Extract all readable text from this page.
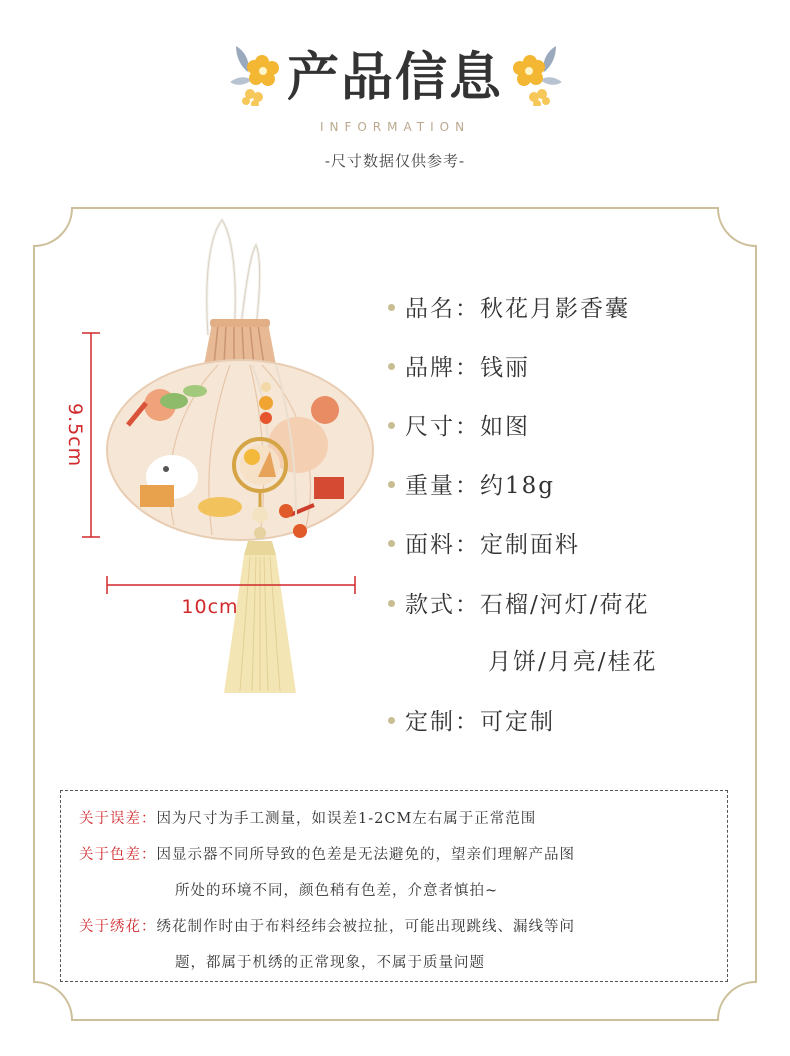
产品信息
INFORMATION
-尺寸数据仅供参考-
9.5cm
10cm
品名：秋花月影香囊
品牌：钱丽
尺寸：如图
重量：约18g
面料：定制面料
款式：石榴/河灯/荷花
月饼/月亮/桂花
定制：可定制
关于误差：因为尺寸为手工测量，如误差1-2CM左右属于正常范围
关于色差：因显示器不同所导致的色差是无法避免的，望亲们理解产品图
所处的环境不同，颜色稍有色差，介意者慎拍~
关于绣花：绣花制作时由于布料经纬会被拉扯，可能出现跳线、漏线等问
题，都属于机绣的正常现象，不属于质量问题
